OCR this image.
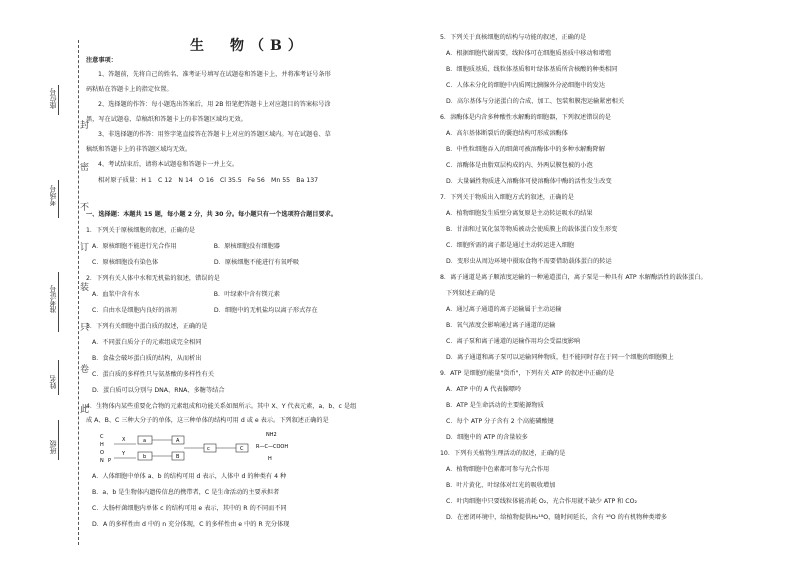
座位号
考场号
准考证号
姓名
班级
封
密
不
订
装
只
卷
此
生　物（B）
注意事项：
1、答题前，先将自己的姓名、准考证号填写在试题卷和答题卡上，并将准考证号条形
码粘贴在答题卡上的指定位置。
2、选择题的作答：每小题选出答案后，用 2B 铅笔把答题卡上对应题目的答案标号涂
黑，写在试题卷、草稿纸和答题卡上的非答题区域均无效。
3、非选择题的作答：用签字笔直接答在答题卡上对应的答题区域内。写在试题卷、草
稿纸和答题卡上的非答题区域均无效。
4、考试结束后，请将本试题卷和答题卡一并上交。
相对原子质量：H 1　C 12　N 14　O 16　Cl 35.5　Fe 56　Mn 55　Ba 137
一、选择题：本题共 15 题，每小题 2 分，共 30 分。每小题只有一个选项符合题目要求。
1．下列关于原核细胞的叙述，正确的是
A．原核细胞不能进行光合作用　　　　　　B．原核细胞没有细胞器
C．原核细胞没有染色体　　　　　　　　　D．原核细胞不能进行有氧呼吸
2．下列有关人体中水和无机盐的叙述，错误的是
A．血浆中含有水　　　　　　　　　　　　B．叶绿素中含有镁元素
C．自由水是细胞内良好的溶剂　　　　　　D．细胞中的无机盐均以离子形式存在
3．下列有关细胞中蛋白质的叙述，正确的是
A．不同蛋白质分子的元素组成完全相同
B．食盐会破坏蛋白质的结构，从而析出
C．蛋白质的多样性只与氨基酸的多样性有关
D．蛋白质可以分别与 DNA、RNA、多糖等结合
4．生物体内某些重要化合物的元素组成和功能关系如图所示。其中 X、Y 代表元素，a、b、c 是组
成 A、B、C 三种大分子的单体，这三种单体的结构可用 d 或 e 表示。下列叙述正确的是
C
H
O
N P
X
Y
a
b
A
B
c	C
NH2
R—C—COOH
H
A．人体细胞中单体 a、b 的结构可用 d 表示，人体中 d 的种类有 4 种
B．a、b 是生物体内遗传信息的携带者，C 是生命活动的主要承担者
C．大肠杆菌细胞内单体 c 的结构可用 e 表示，其中的 R 的不同而不同
D．A 的多样性由 d 中的 n 充分体现，C 的多样性由 e 中的 R 充分体现
5．下列关于真核细胞的结构与功能的叙述，正确的是
A．根据细胞代谢需要，线粒体可在细胞质基质中移动和增殖
B．细胞质基质、线粒体基质和叶绿体基质所含核酸的种类相同
C．人体未分化的细胞中内质网比胰腺外分泌细胞中的发达
D．高尔基体与分泌蛋白的合成、加工、包装和膜泡运输紧密相关
6．溶酶体是内含多种酸性水解酶的细胞器，下列叙述错误的是
A．高尔基体断裂后的囊泡结构可形成溶酶体
B．中性粒细胞吞入的细菌可被溶酶体中的多种水解酶降解
C．溶酶体是由脂双层构成的内、外两层膜包被的小泡
D．大量碱性物质进入溶酶体可使溶酶体中酶的活性发生改变
7．下列关于物质出入细胞方式的叙述，正确的是
A．植物细胞发生质壁分离复原是主动转运吸水的结果
B．甘油和过氧化氢等物质被动会使质膜上的载体蛋白发生形变
C．细胞所需的离子都是通过主动转运进入细胞
D．变形虫从周边环境中摄取食物不需要借助载体蛋白的转运
8．离子通道是离子顺浓度运输的一种通道蛋白，离子泵是一种具有 ATP 水解酶活性的载体蛋白。
下列叙述正确的是
A．通过离子通道的离子运输属于主动运输
B．氧气浓度会影响通过离子通道的运输
C．离子泵和离子通道的运输作用均会受温度影响
D．离子通道和离子泵可以运输同种物质，但不能同时存在于同一个细胞的细胞膜上
9．ATP 是细胞的能量"货币"，下列有关 ATP 的叙述中正确的是
A．ATP 中的 A 代表腺嘌呤
B．ATP 是生命活动的主要能源物质
C．每个 ATP 分子含有 2 个高能磷酸键
D．细胞中的 ATP 的含量较多
10．下列有关植物生理活动的叙述，正确的是
A．植物细胞中色素都可参与光合作用
B．叶片黄化，叶绿体对红光的吸收增加
C．叶肉细胞中只要线粒体能消耗 O₂，光合作用就不缺少 ATP 和 CO₂
D．在密闭环境中，给植物提供H₂¹⁸O，随时间延长，含有 ¹⁸O 的有机物种类增多
